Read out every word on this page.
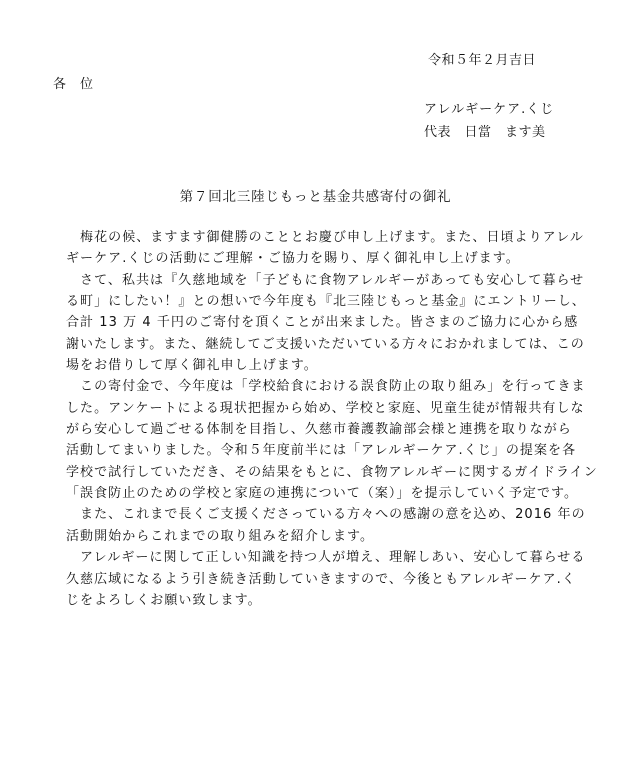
令和５年２月吉日
各　位
アレルギーケア.くじ
代表　日當　ます美
第７回北三陸じもっと基金共感寄付の御礼
　梅花の候、ますます御健勝のこととお慶び申し上げます。また、日頃よりアレル
ギーケア.くじの活動にご理解・ご協力を賜り、厚く御礼申し上げます。
　さて、私共は『久慈地域を「子どもに食物アレルギーがあっても安心して暮らせ
る町」にしたい！』との想いで今年度も『北三陸じもっと基金』にエントリーし、
合計 13 万 4 千円のご寄付を頂くことが出来ました。皆さまのご協力に心から感
謝いたします。また、継続してご支援いただいている方々におかれましては、この
場をお借りして厚く御礼申し上げます。
　この寄付金で、今年度は「学校給食における誤食防止の取り組み」を行ってきま
した。アンケートによる現状把握から始め、学校と家庭、児童生徒が情報共有しな
がら安心して過ごせる体制を目指し、久慈市養護教諭部会様と連携を取りながら
活動してまいりました。令和５年度前半には「アレルギーケア.くじ」の提案を各
学校で試行していただき、その結果をもとに、食物アレルギーに関するガイドライン
「誤食防止のための学校と家庭の連携について（案）」を提示していく予定です。
　また、これまで長くご支援くださっている方々への感謝の意を込め、2016 年の
活動開始からこれまでの取り組みを紹介します。
　アレルギーに関して正しい知識を持つ人が増え、理解しあい、安心して暮らせる
久慈広域になるよう引き続き活動していきますので、今後ともアレルギーケア.く
じをよろしくお願い致します。
